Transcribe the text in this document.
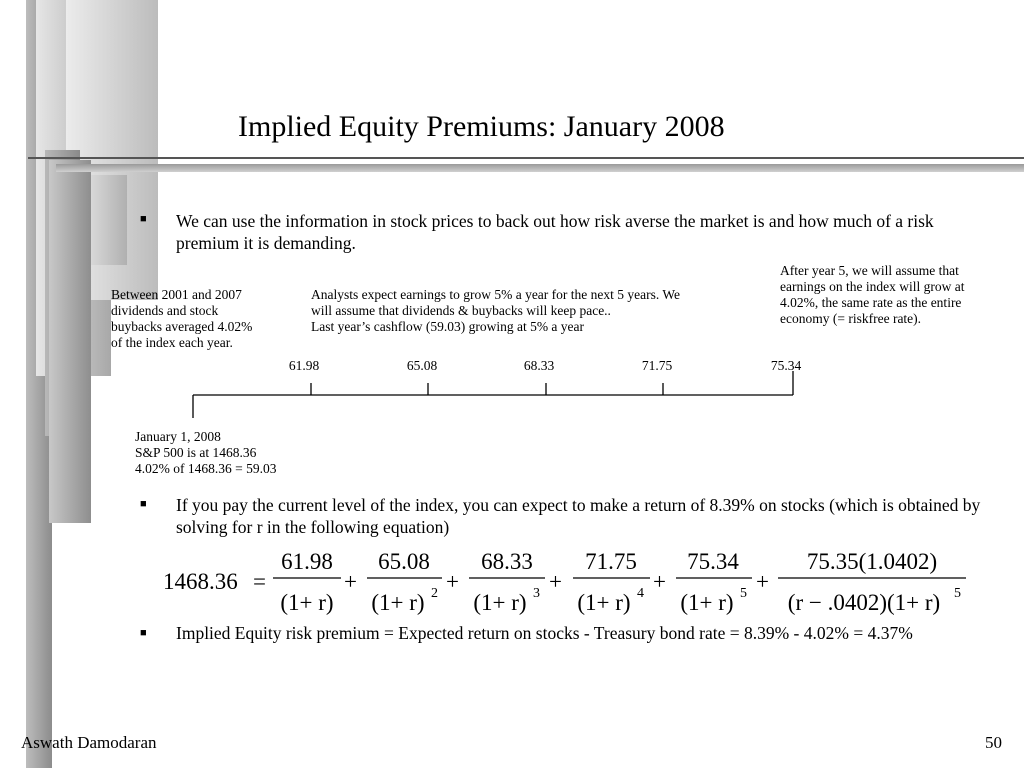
Implied Equity Premiums: January 2008
■ We can use the information in stock prices to back out how risk averse the market is and how much of a risk premium it is demanding.
Between 2001 and 2007
dividends and stock
buybacks averaged 4.02%
of the index each year.
Analysts expect earnings to grow 5% a year for the next 5 years. We
will assume that dividends & buybacks will keep pace..
Last year’s cashflow (59.03) growing at 5% a year
After year 5, we will assume that
earnings on the index will grow at
4.02%, the same rate as the entire
economy (= riskfree rate).
61.98	65.08	68.33	71.75	75.34
January 1, 2008
S&P 500 is at 1468.36
4.02% of 1468.36 = 59.03
■ If you pay the current level of the index, you can expect to make a return of 8.39% on stocks (which is obtained by solving for r in the following equation)
1468.36 =
61.98
(1+ r)
+
65.08
(1+ r) 2 +
68.33
(1+ r) 3 +
71.75
(1+ r) 4 +
75.34
(1+ r) 5 +
75.35(1.0402)
(r − .0402)(1+ r) 5
■ Implied Equity risk premium = Expected return on stocks - Treasury bond rate = 8.39% - 4.02% = 4.37%
Aswath Damodaran	50
